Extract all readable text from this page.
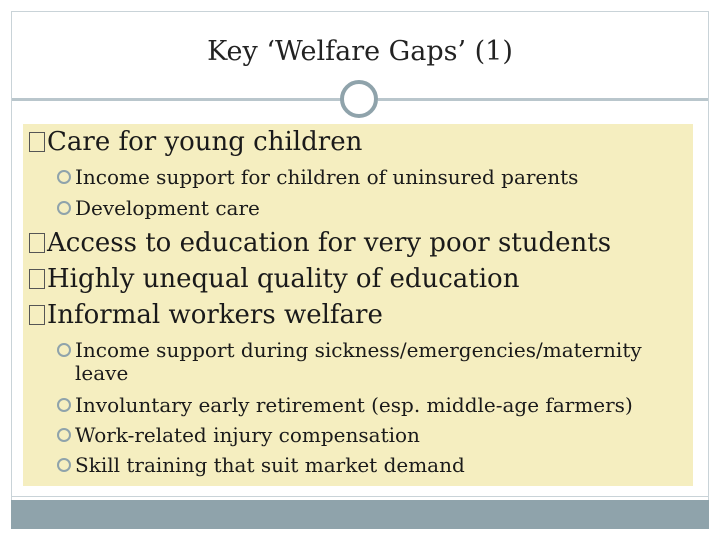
Key ‘Welfare Gaps’ (1)
Care for young children
Income support for children of uninsured parents
Development care
Access to education for very poor students
Highly unequal quality of education
Informal workers welfare
Income support during sickness/emergencies/maternity leave
Involuntary early retirement (esp. middle-age farmers)
Work-related injury compensation
Skill training that suit market demand
